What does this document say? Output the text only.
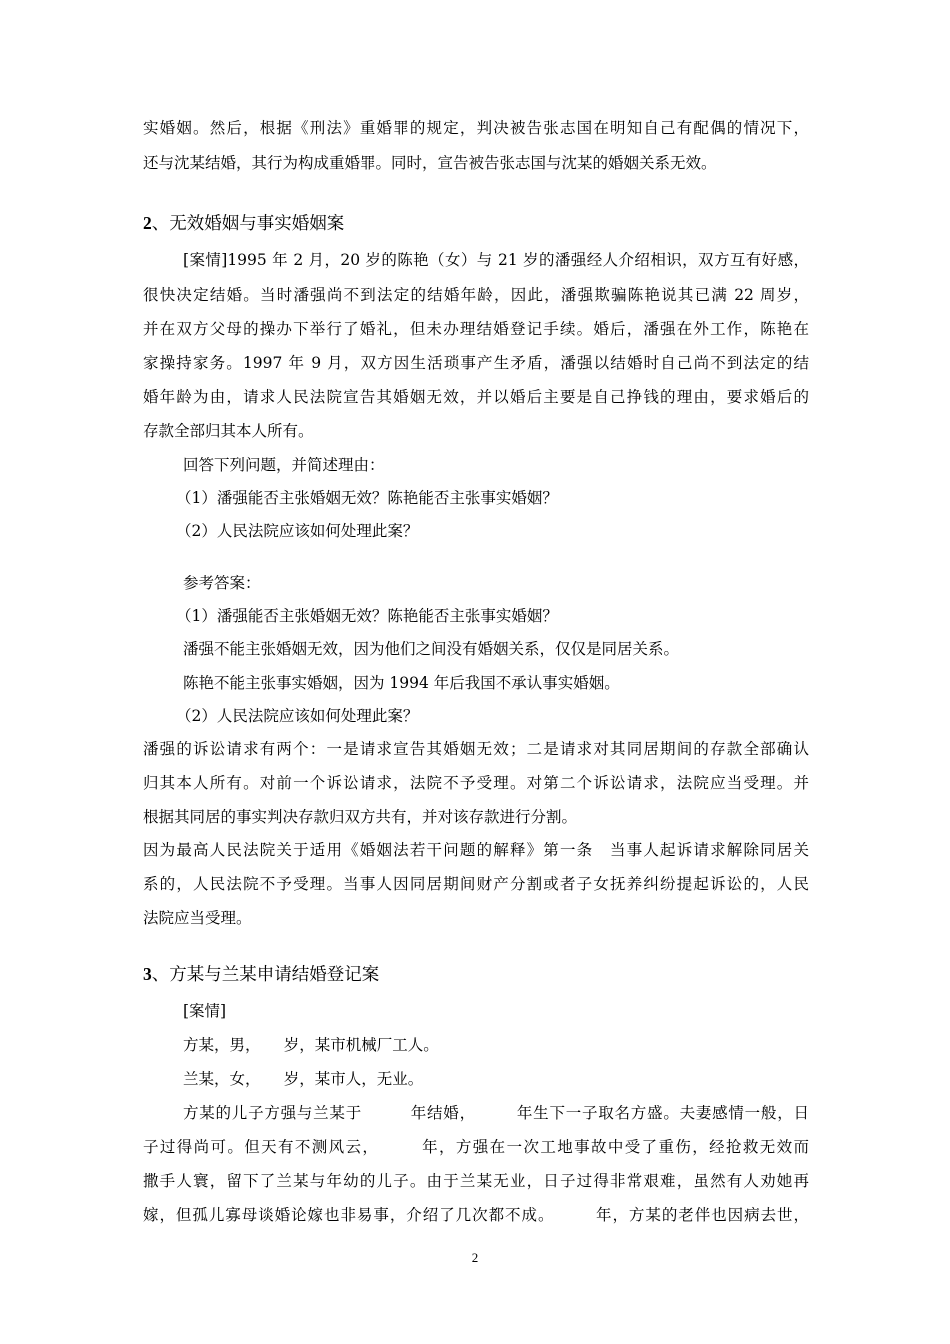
实婚姻。然后，根据《刑法》重婚罪的规定，判决被告张志国在明知自己有配偶的情况下，
还与沈某结婚，其行为构成重婚罪。同时，宣告被告张志国与沈某的婚姻关系无效。
2、无效婚姻与事实婚姻案
[案情]1995 年 2 月，20 岁的陈艳（女）与 21 岁的潘强经人介绍相识，双方互有好感，
很快决定结婚。当时潘强尚不到法定的结婚年龄，因此，潘强欺骗陈艳说其已满 22 周岁，
并在双方父母的操办下举行了婚礼，但未办理结婚登记手续。婚后，潘强在外工作，陈艳在
家操持家务。1997 年 9 月，双方因生活琐事产生矛盾，潘强以结婚时自己尚不到法定的结
婚年龄为由，请求人民法院宣告其婚姻无效，并以婚后主要是自己挣钱的理由，要求婚后的
存款全部归其本人所有。
回答下列问题，并简述理由：
（1）潘强能否主张婚姻无效？陈艳能否主张事实婚姻？
（2）人民法院应该如何处理此案？
参考答案：
（1）潘强能否主张婚姻无效？陈艳能否主张事实婚姻？
潘强不能主张婚姻无效，因为他们之间没有婚姻关系，仅仅是同居关系。
陈艳不能主张事实婚姻，因为 1994 年后我国不承认事实婚姻。
（2）人民法院应该如何处理此案？
潘强的诉讼请求有两个：一是请求宣告其婚姻无效；二是请求对其同居期间的存款全部确认
归其本人所有。对前一个诉讼请求，法院不予受理。对第二个诉讼请求，法院应当受理。并
根据其同居的事实判决存款归双方共有，并对该存款进行分割。
因为最高人民法院关于适用《婚姻法若干问题的解释》第一条　当事人起诉请求解除同居关
系的，人民法院不予受理。当事人因同居期间财产分割或者子女抚养纠纷提起诉讼的，人民
法院应当受理。
3、方某与兰某申请结婚登记案
[案情]
方某，男，　　岁，某市机械厂工人。
兰某，女，　　岁，某市人，无业。
方某的儿子方强与兰某于　　　年结婚，　　　年生下一子取名方盛。夫妻感情一般，日
子过得尚可。但天有不测风云，　　　年，方强在一次工地事故中受了重伤，经抢救无效而
撒手人寰，留下了兰某与年幼的儿子。由于兰某无业，日子过得非常艰难，虽然有人劝她再
嫁，但孤儿寡母谈婚论嫁也非易事，介绍了几次都不成。　　　年，方某的老伴也因病去世，
2
